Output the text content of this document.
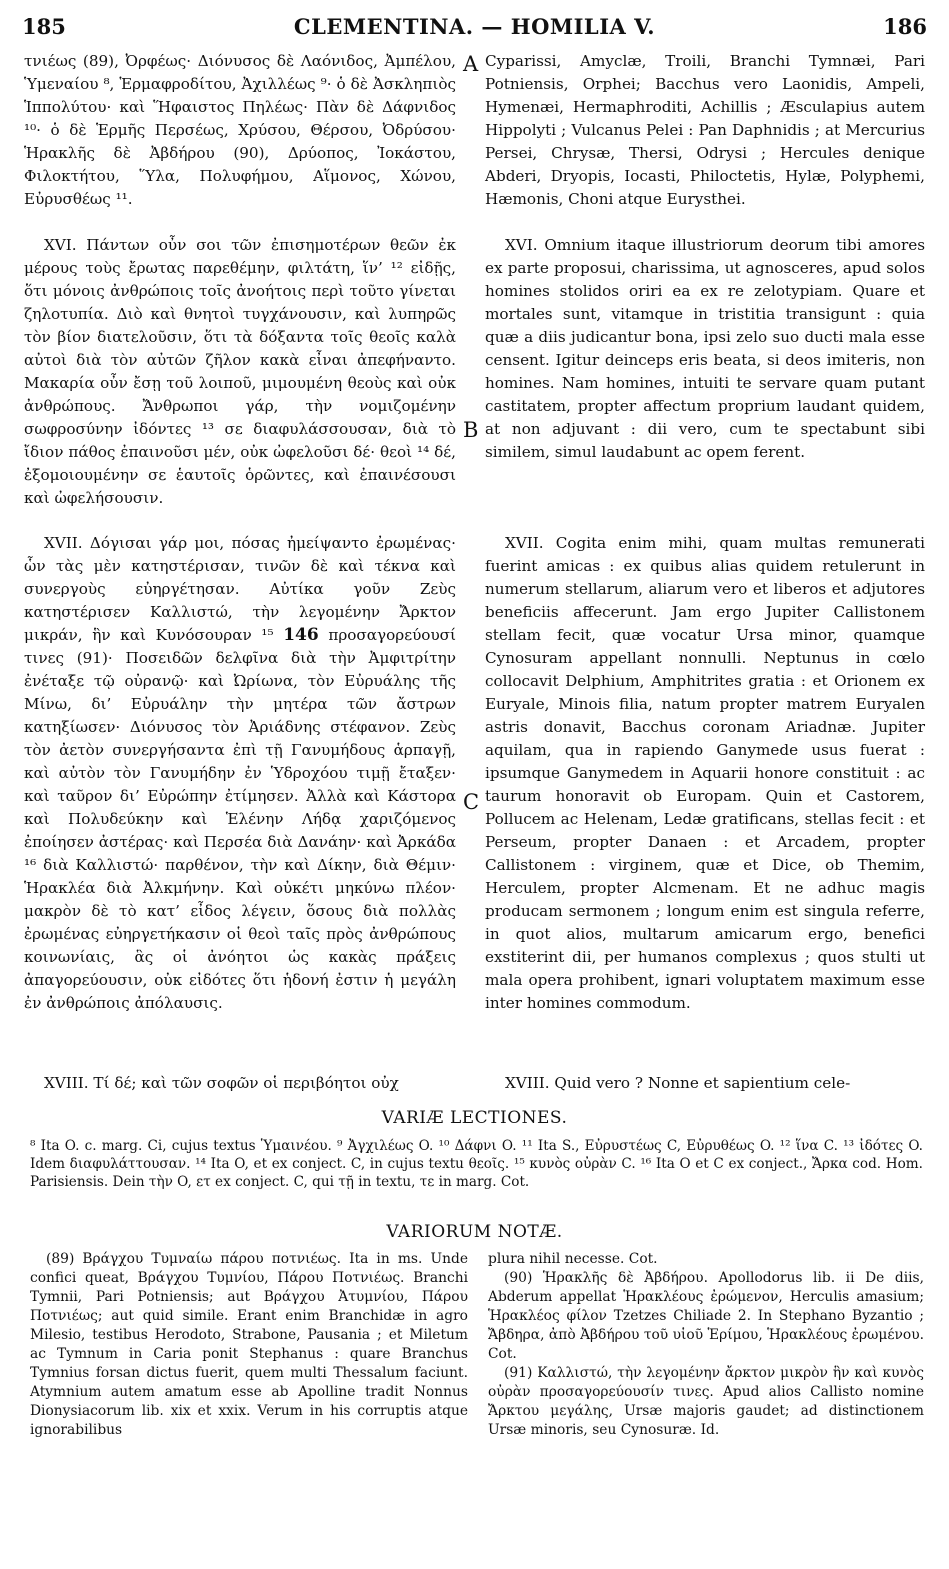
185	CLEMENTINA. — HOMILIA V.	186

τνιέως (89), Ὀρφέως· Διόνυσος δὲ Λαόνιδος, Ἀμπέλου, Ὑμεναίου ⁸, Ἑρμαφροδίτου, Ἀχιλλέως ⁹· ὁ δὲ Ἀσκληπιὸς Ἱππολύτου· καὶ Ἥφαιστος Πηλέως· Πὰν δὲ Δάφνιδος ¹⁰· ὁ δὲ Ἑρμῆς Περσέως, Χρύσου, Θέρσου, Ὀδρύσου· Ἡρακλῆς δὲ Ἀβδήρου (90), Δρύοπος, Ἰοκάστου, Φιλοκτήτου, Ὕλα, Πολυφήμου, Αἵμονος, Χώνου, Εὐρυσθέως ¹¹.

XVI. Πάντων οὖν σοι τῶν ἐπισημοτέρων θεῶν ἐκ μέρους τοὺς ἔρωτας παρεθέμην, φιλτάτη, ἵν’ ¹² εἰδῇς, ὅτι μόνοις ἀνθρώποις τοῖς ἀνοήτοις περὶ τοῦτο γίνεται ζηλοτυπία. Διὸ καὶ θνητοὶ τυγχάνουσιν, καὶ λυπηρῶς τὸν βίον διατελοῦσιν, ὅτι τὰ δόξαντα τοῖς θεοῖς καλὰ αὐτοὶ διὰ τὸν αὐτῶν ζῆλον κακὰ εἶναι ἀπεφήναντο. Μακαρία οὖν ἔσῃ τοῦ λοιποῦ, μιμουμένη θεοὺς καὶ οὐκ ἀνθρώπους. Ἄνθρωποι γάρ, τὴν νομιζομένην σωφροσύνην ἰδόντες ¹³ σε διαφυλάσσουσαν, διὰ τὸ ἴδιον πάθος ἐπαινοῦσι μέν, οὐκ ὠφελοῦσι δέ· θεοὶ ¹⁴ δέ, ἐξομοιουμένην σε ἑαυτοῖς ὁρῶντες, καὶ ἐπαινέσουσι καὶ ὠφελήσουσιν.

XVII. Δόγισαι γάρ μοι, πόσας ἠμείψαντο ἐρωμένας· ὧν τὰς μὲν κατηστέρισαν, τινῶν δὲ καὶ τέκνα καὶ συνεργοὺς εὐηργέτησαν. Αὐτίκα γοῦν Ζεὺς κατηστέρισεν Καλλιστώ, τὴν λεγομένην Ἄρκτον μικράν, ἣν καὶ Κυνόσουραν ¹⁵ 146 προσαγορεύουσί τινες (91)· Ποσειδῶν δελφῖνα διὰ τὴν Ἀμφιτρίτην ἐνέταξε τῷ οὐρανῷ· καὶ Ὠρίωνα, τὸν Εὐρυάλης τῆς Μίνω, δι’ Εὐρυάλην τὴν μητέρα τῶν ἄστρων κατηξίωσεν· Διόνυσος τὸν Ἀριάδνης στέφανον. Ζεὺς τὸν ἀετὸν συνεργήσαντα ἐπὶ τῇ Γανυμήδους ἁρπαγῇ, καὶ αὐτὸν τὸν Γανυμήδην ἐν Ὑδροχόου τιμῇ ἔταξεν· καὶ ταῦρον δι’ Εὐρώπην ἐτίμησεν. Ἀλλὰ καὶ Κάστορα καὶ Πολυδεύκην καὶ Ἑλένην Λήδᾳ χαριζόμενος ἐποίησεν ἀστέρας· καὶ Περσέα διὰ Δανάην· καὶ Ἀρκάδα ¹⁶ διὰ Καλλιστώ· παρθένον, τὴν καὶ Δίκην, διὰ Θέμιν· Ἡρακλέα διὰ Ἀλκμήνην. Καὶ οὐκέτι μηκύνω πλέον· μακρὸν δὲ τὸ κατ’ εἶδος λέγειν, ὅσους διὰ πολλὰς ἐρωμένας εὐηργετήκασιν οἱ θεοὶ ταῖς πρὸς ἀνθρώπους κοινωνίαις, ἃς οἱ ἀνόητοι ὡς κακὰς πράξεις ἀπαγορεύουσιν, οὐκ εἰδότες ὅτι ἡδονή ἐστιν ἡ μεγάλη ἐν ἀνθρώποις ἀπόλαυσις.

XVIII. Τί δέ; καὶ τῶν σοφῶν οἱ περιβόητοι οὐχ

A
B
C

Cyparissi, Amyclæ, Troili, Branchi Tymnæi, Pari Potniensis, Orphei; Bacchus vero Laonidis, Ampeli, Hymenæi, Hermaphroditi, Achillis ; Æsculapius autem Hippolyti ; Vulcanus Pelei : Pan Daphnidis ; at Mercurius Persei, Chrysæ, Thersi, Odrysi ; Hercules denique Abderi, Dryopis, Iocasti, Philoctetis, Hylæ, Polyphemi, Hæmonis, Choni atque Eurysthei.

XVI. Omnium itaque illustriorum deorum tibi amores ex parte proposui, charissima, ut agnosceres, apud solos homines stolidos oriri ea ex re zelotypiam. Quare et mortales sunt, vitamque in tristitia transigunt : quia quæ a diis judicantur bona, ipsi zelo suo ducti mala esse censent. Igitur deinceps eris beata, si deos imiteris, non homines. Nam homines, intuiti te servare quam putant castitatem, propter affectum proprium laudant quidem, at non adjuvant : dii vero, cum te spectabunt sibi similem, simul laudabunt ac opem ferent.

XVII. Cogita enim mihi, quam multas remunerati fuerint amicas : ex quibus alias quidem retulerunt in numerum stellarum, aliarum vero et liberos et adjutores beneficiis affecerunt. Jam ergo Jupiter Callistonem stellam fecit, quæ vocatur Ursa minor, quamque Cynosuram appellant nonnulli. Neptunus in cœlo collocavit Delphium, Amphitrites gratia : et Orionem ex Euryale, Minois filia, natum propter matrem Euryalen astris donavit, Bacchus coronam Ariadnæ. Jupiter aquilam, qua in rapiendo Ganymede usus fuerat : ipsumque Ganymedem in Aquarii honore constituit : ac taurum honoravit ob Europam. Quin et Castorem, Pollucem ac Helenam, Ledæ gratificans, stellas fecit : et Perseum, propter Danaen : et Arcadem, propter Callistonem : virginem, quæ et Dice, ob Themim, Herculem, propter Alcmenam. Et ne adhuc magis producam sermonem ; longum enim est singula referre, in quot alios, multarum amicarum ergo, benefici exstiterint dii, per humanos complexus ; quos stulti ut mala opera prohibent, ignari voluptatem maximum esse inter homines commodum.

XVIII. Quid vero ? Nonne et sapientium cele-

VARIÆ LECTIONES.
⁸ Ita O. c. marg. Ci, cujus textus Ὑμαινέου. ⁹ Ἀγχιλέως O. ¹⁰ Δάφνι O. ¹¹ Ita S., Εὐρυστέως C, Εὐρυθέως O. ¹² ἵνα C. ¹³ ἰδότες O. Idem διαφυλάττουσαν. ¹⁴ Ita O, et ex conject. C, in cujus textu θεοῖς. ¹⁵ κυνὸς οὐρὰν C. ¹⁶ Ita O et C ex conject., Ἄρκα cod. Hom. Parisiensis. Dein τὴν O, ετ ex conject. C, qui τῇ in textu, τε in marg. Cot.
VARIORUM NOTÆ.

(89) Βράγχου Τυμναίω πάρου ποτνιέως. Ita in ms. Unde confici queat, Βράγχου Τυμνίου, Πάρου Ποτνιέως. Branchi Tymnii, Pari Potniensis; aut Βράγχου Ἀτυμνίου, Πάρου Ποτνιέως; aut quid simile. Erant enim Branchidæ in agro Milesio, testibus Herodoto, Strabone, Pausania ; et Miletum ac Tymnum in Caria ponit Stephanus : quare Branchus Tymnius forsan dictus fuerit, quem multi Thessalum faciunt. Atymnium autem amatum esse ab Apolline tradit Nonnus Dionysiacorum lib. xix et xxix. Verum in his corruptis atque ignorabilibus

plura nihil necesse. Cot.

(90) Ἡρακλῆς δὲ Ἀβδήρου. Apollodorus lib. ii De diis, Abderum appellat Ἡρακλέους ἐρώμενον, Herculis amasium; Ἡρακλέος φίλον Tzetzes Chiliade 2. In Stephano Byzantio ; Ἄβδηρα, ἀπὸ Ἀβδήρου τοῦ υἱοῦ Ἑρίμου, Ἡρακλέους ἐρωμένου. Cot.

(91) Καλλιστώ, τὴν λεγομένην ἄρκτον μικρὸν ἣν καὶ κυνὸς οὐρὰν προσαγορεύουσίν τινες. Apud alios Callisto nomine Ἄρκτου μεγάλης, Ursæ majoris gaudet; ad distinctionem Ursæ minoris, seu Cynosuræ. Id.
